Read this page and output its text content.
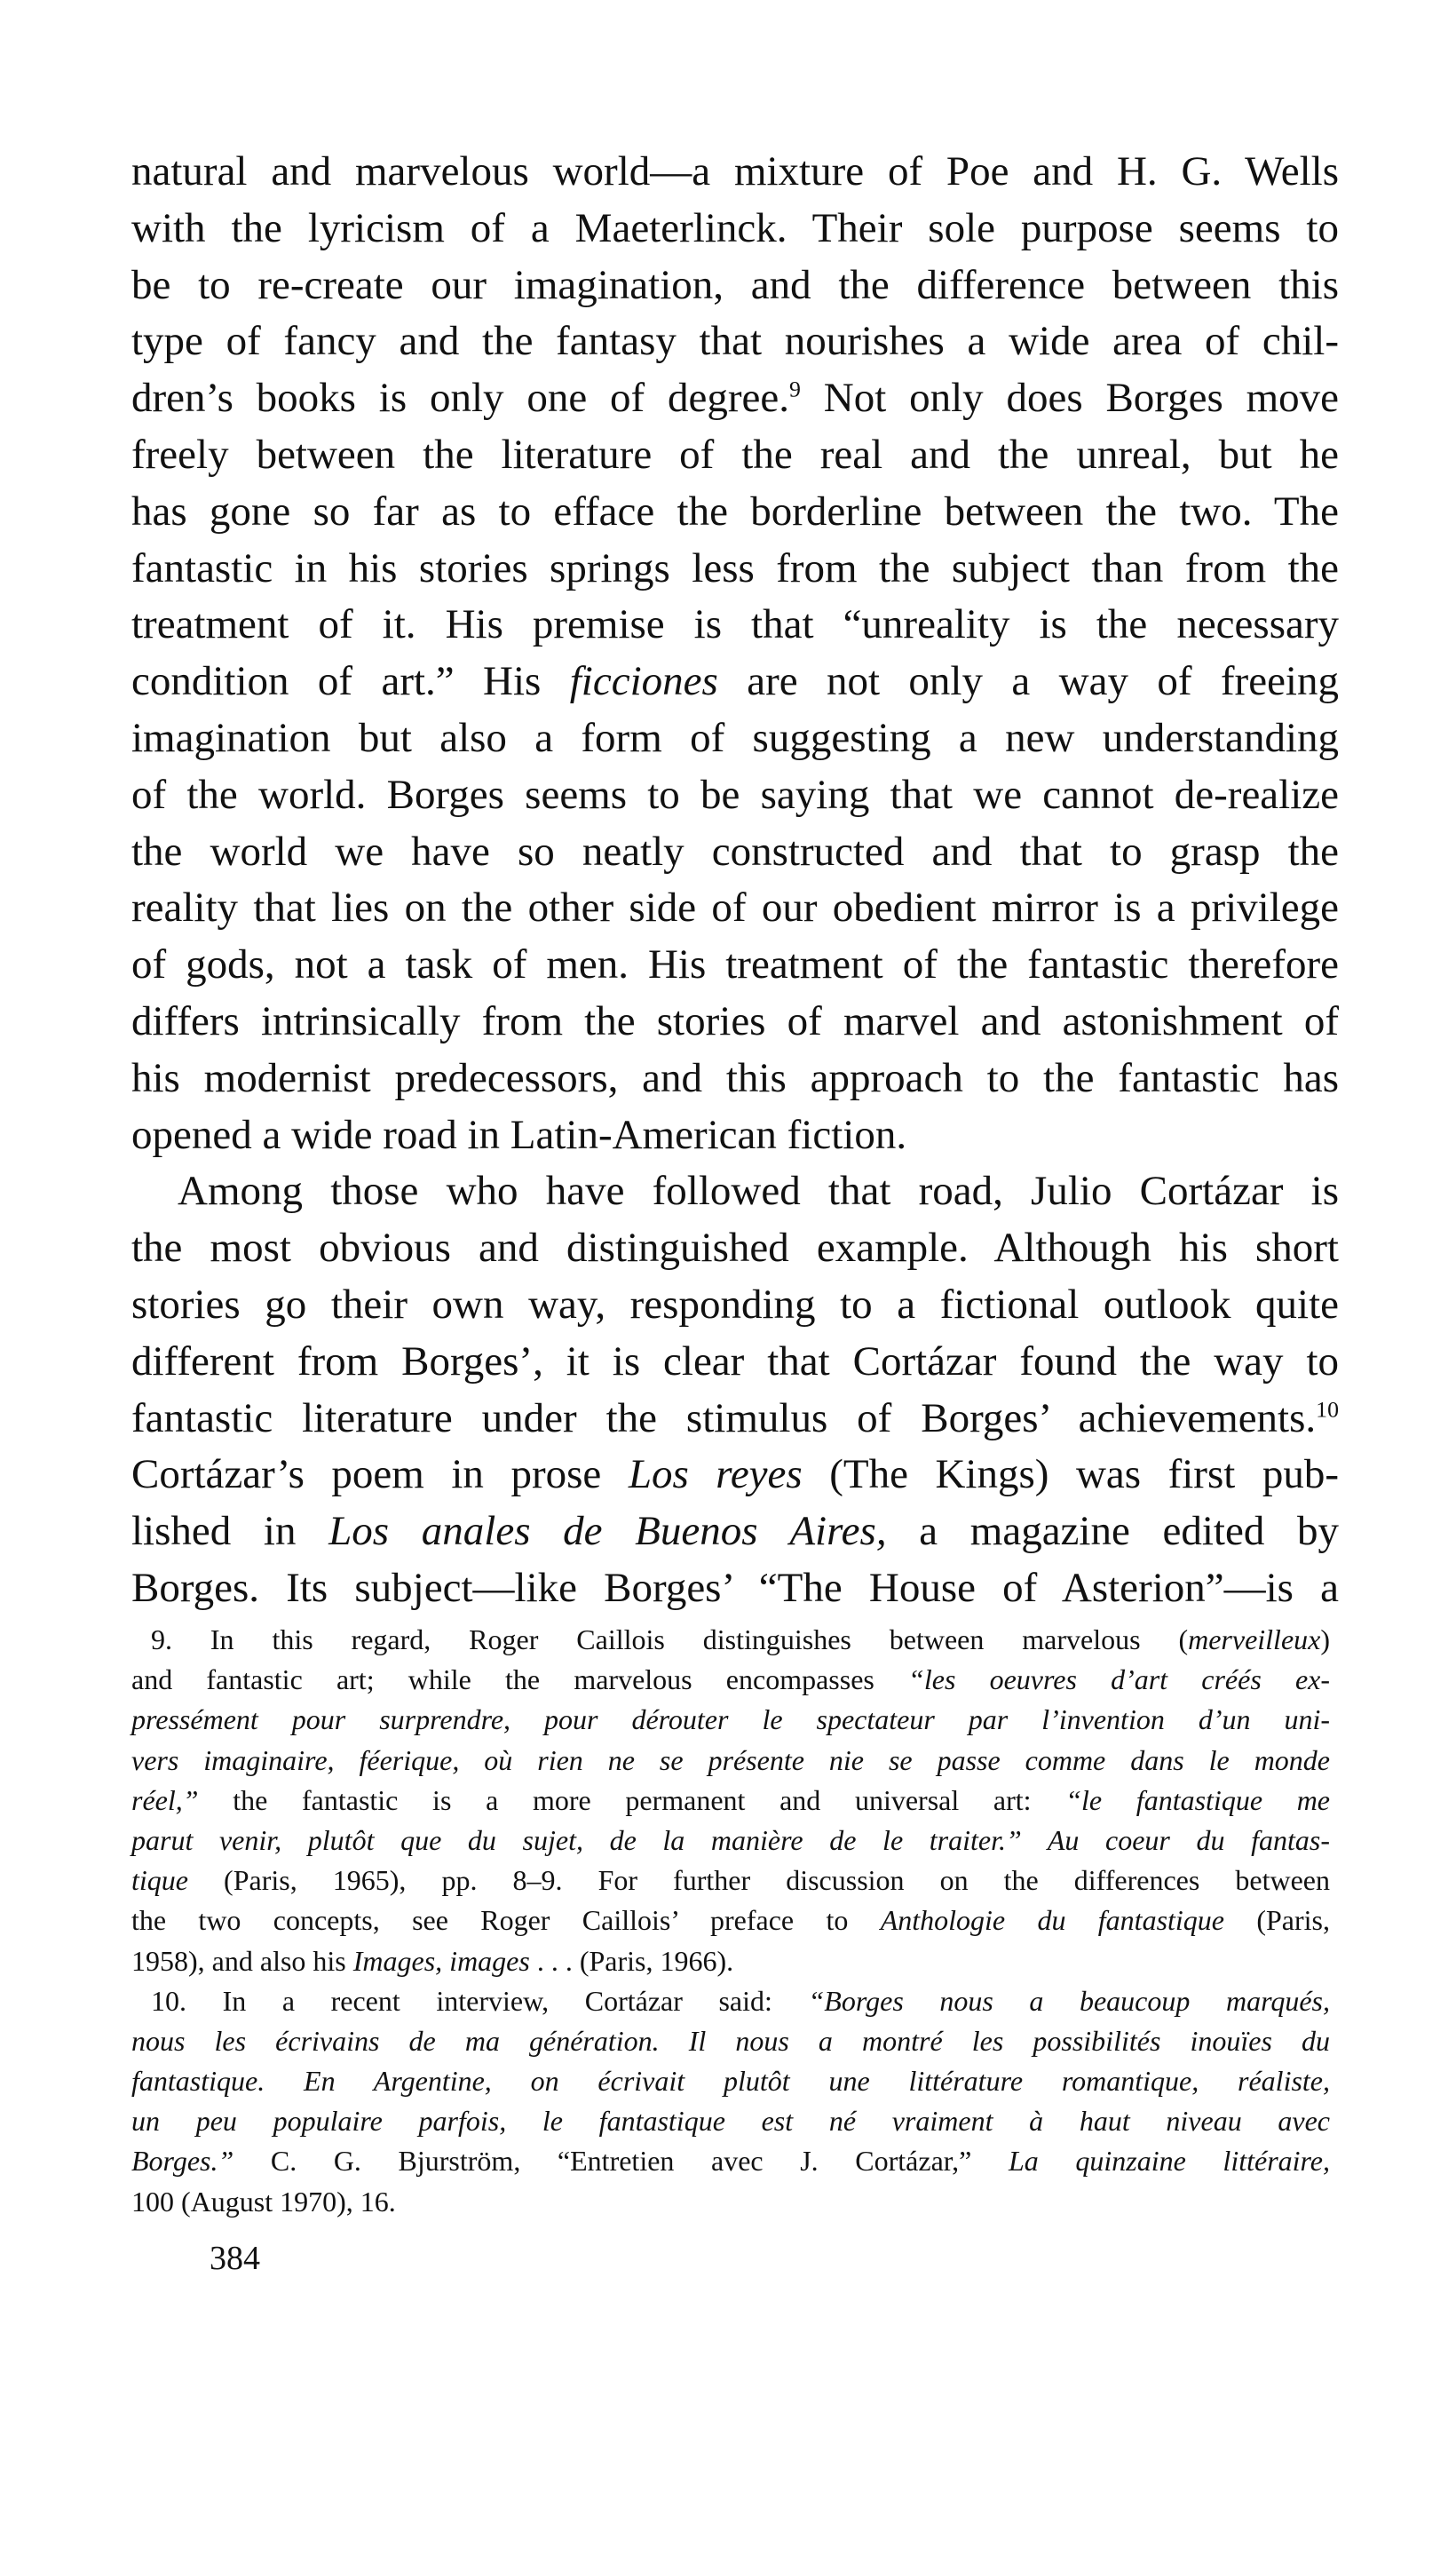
natural and marvelous world—a mixture of Poe and H. G. Wells
with the lyricism of a Maeterlinck. Their sole purpose seems to
be to re-create our imagination, and the difference between this
type of fancy and the fantasy that nourishes a wide area of chil-
dren’s books is only one of degree.$^9$ Not only does Borges move
freely between the literature of the real and the unreal, but he
has gone so far as to efface the borderline between the two. The
fantastic in his stories springs less from the subject than from the
treatment of it. His premise is that “unreality is the necessary
condition of art.” His ficciones are not only a way of freeing
imagination but also a form of suggesting a new understanding
of the world. Borges seems to be saying that we cannot de-realize
the world we have so neatly constructed and that to grasp the
reality that lies on the other side of our obedient mirror is a privilege
of gods, not a task of men. His treatment of the fantastic therefore
differs intrinsically from the stories of marvel and astonishment of
his modernist predecessors, and this approach to the fantastic has
opened a wide road in Latin-American fiction.
Among those who have followed that road, Julio Cortázar is
the most obvious and distinguished example. Although his short
stories go their own way, responding to a fictional outlook quite
different from Borges’, it is clear that Cortázar found the way to
fantastic literature under the stimulus of Borges’ achievements.$^{10}$
Cortázar’s poem in prose Los reyes (The Kings) was first pub-
lished in Los anales de Buenos Aires, a magazine edited by
Borges. Its subject—like Borges’ “The House of Asterion”—is a
9. In this regard, Roger Caillois distinguishes between marvelous (merveilleux)
and fantastic art; while the marvelous encompasses “les oeuvres d’art créés ex-
pressément pour surprendre, pour dérouter le spectateur par l’invention d’un uni-
vers imaginaire, féerique, où rien ne se présente nie se passe comme dans le monde
réel,” the fantastic is a more permanent and universal art: “le fantastique me
parut venir, plutôt que du sujet, de la manière de le traiter.” Au coeur du fantas-
tique (Paris, 1965), pp. 8–9. For further discussion on the differences between
the two concepts, see Roger Caillois’ preface to Anthologie du fantastique (Paris,
1958), and also his Images, images . . . (Paris, 1966).
10. In a recent interview, Cortázar said: “Borges nous a beaucoup marqués,
nous les écrivains de ma génération. Il nous a montré les possibilités inouïes du
fantastique. En Argentine, on écrivait plutôt une littérature romantique, réaliste,
un peu populaire parfois, le fantastique est né vraiment à haut niveau avec
Borges.” C. G. Bjurström, “Entretien avec J. Cortázar,” La quinzaine littéraire,
100 (August 1970), 16.
384
